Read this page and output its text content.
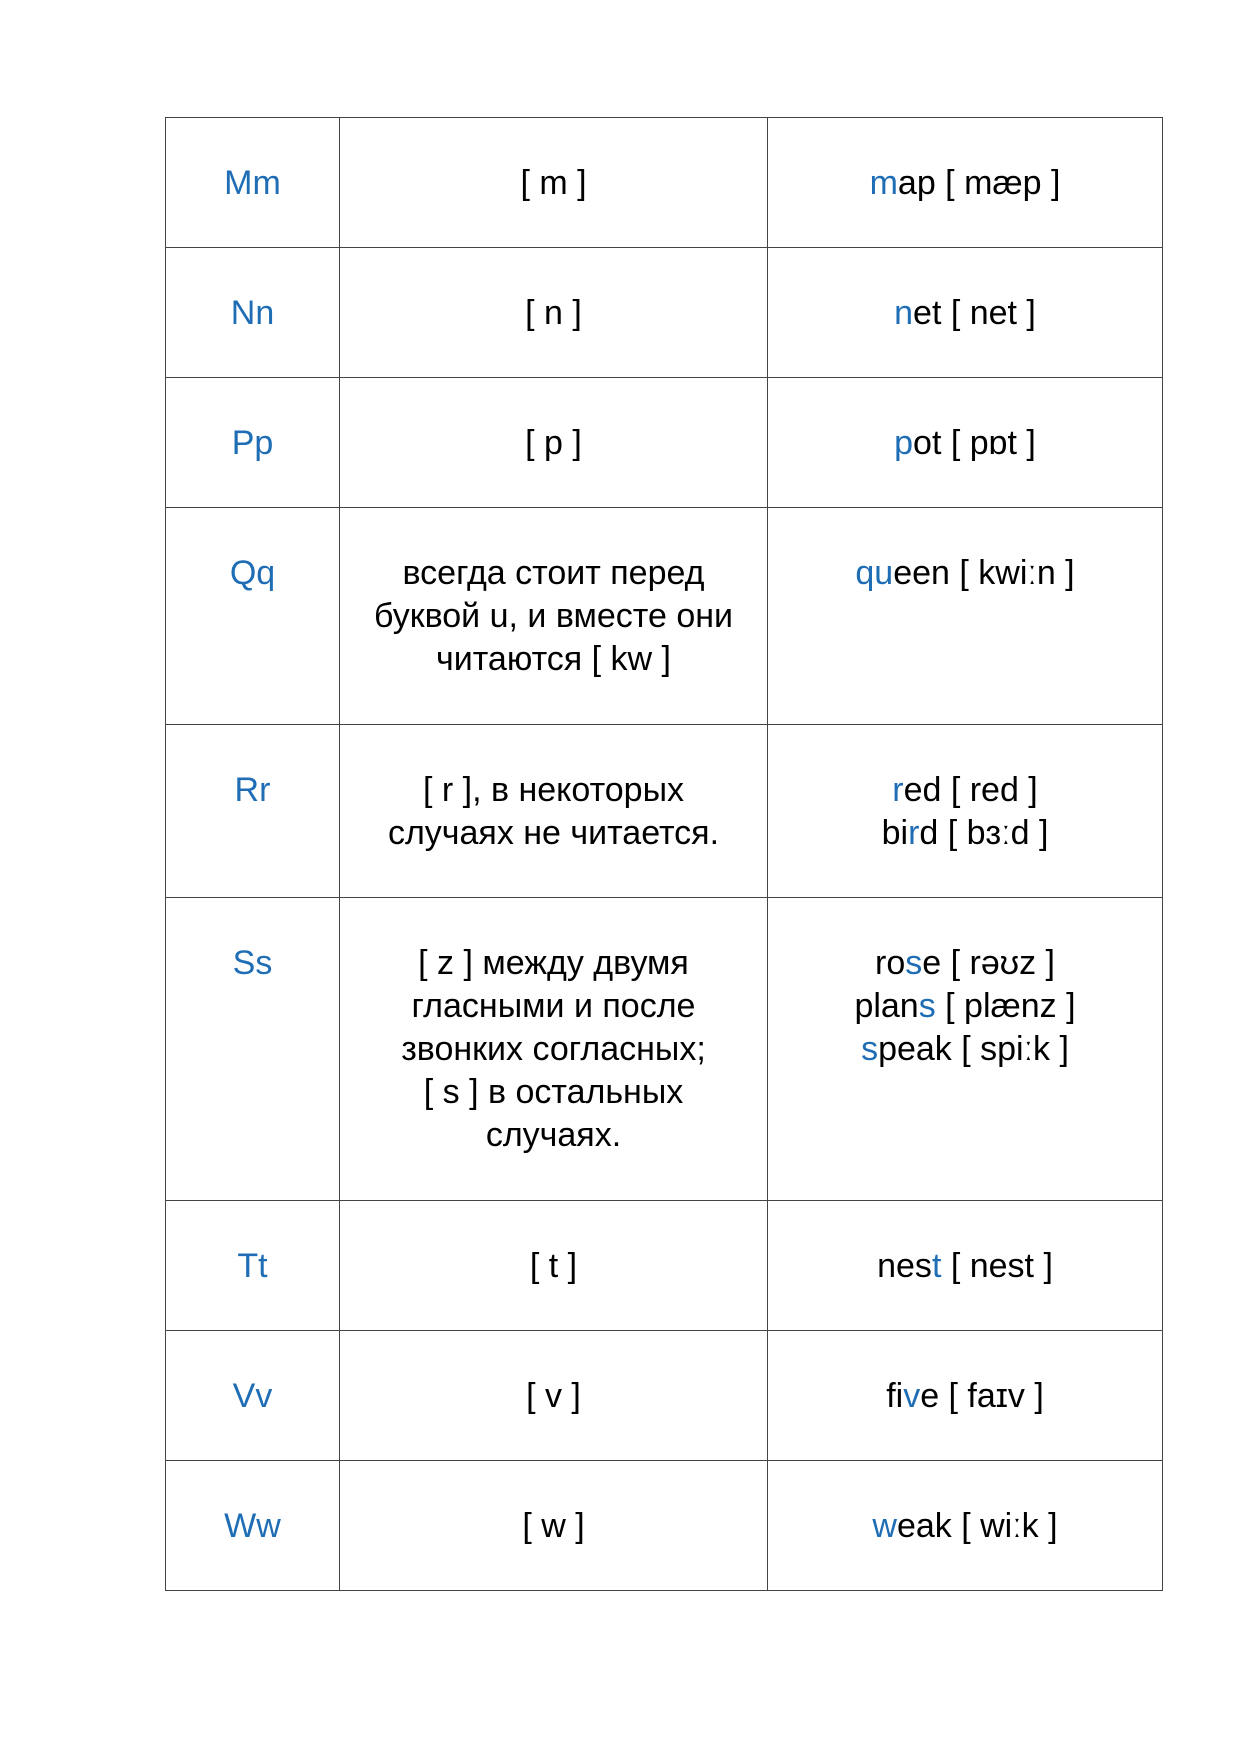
Mm	[ m ]	map [ mæp ]

Nn	[ n ]	net [ net ]

Pp	[ p ]	pot [ pɒt ]

Qq	всегда стоит перед
буквой u, и вместе они
читаются [ kw ]	queen [ kwiːn ]

Rr	[ r ], в некоторых
случаях не читается.	red [ red ]
bird [ bɜːd ]

Ss	[ z ] между двумя
гласными и после
звонких согласных;
[ s ] в остальных
случаях.	rose [ rəʊz ]
plans [ plænz ]
speak [ spiːk ]

Tt	[ t ]	nest [ nest ]

Vv	[ v ]	five [ faɪv ]

Ww	[ w ]	weak [ wiːk ]
